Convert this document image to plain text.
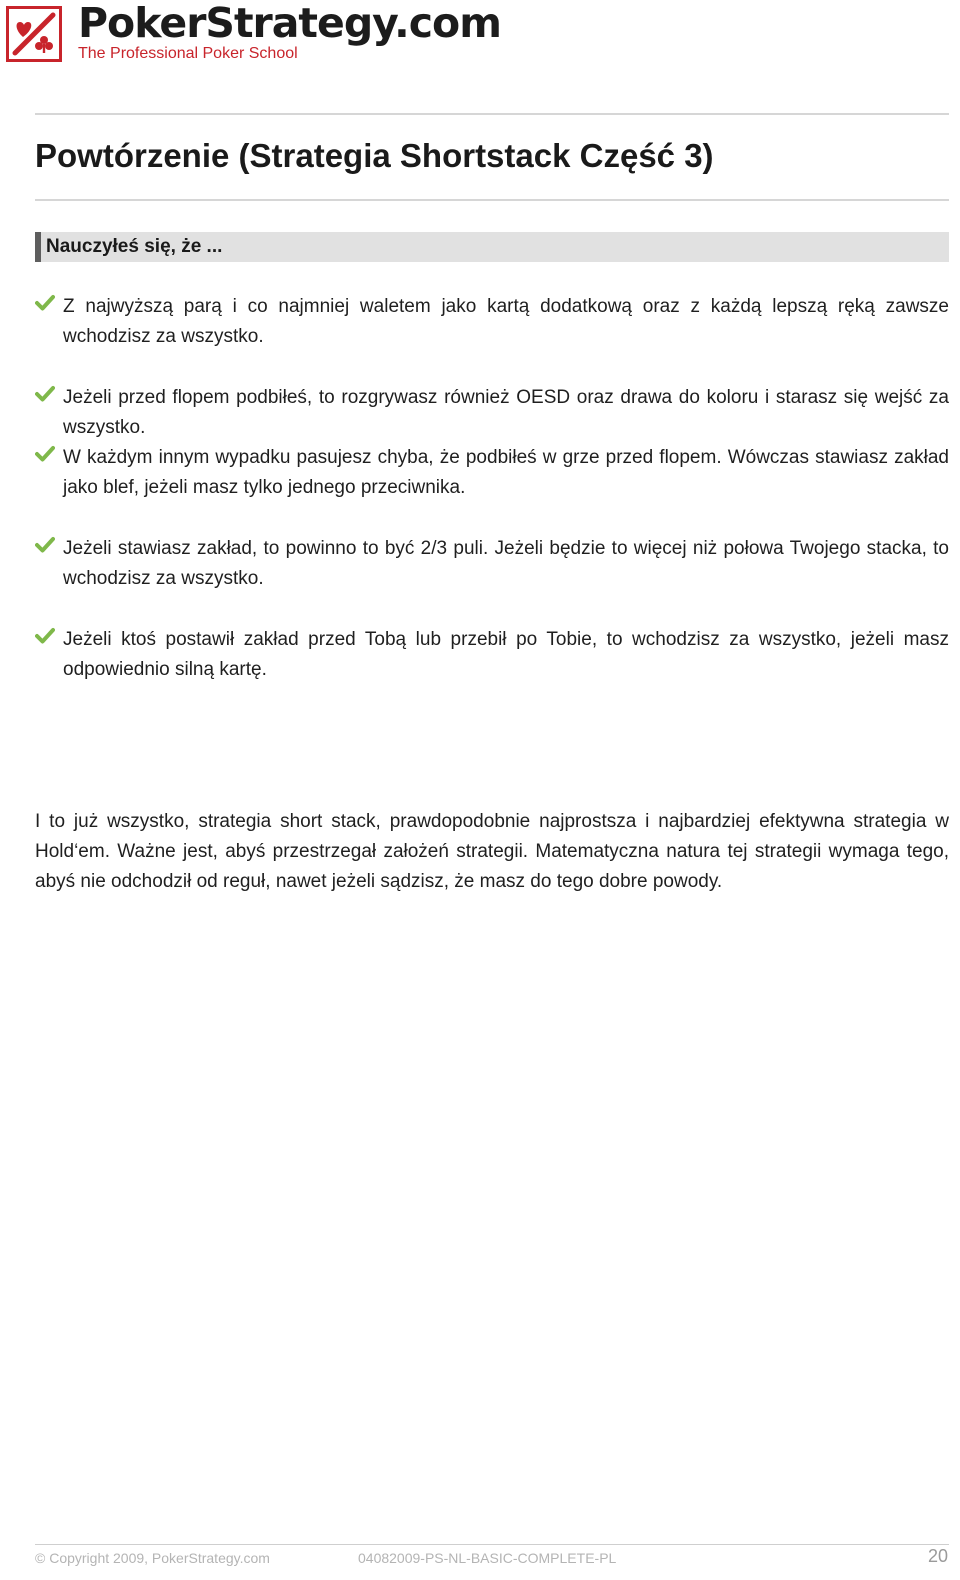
PokerStrategy.com
The Professional Poker School
Powtórzenie (Strategia Shortstack Część 3)
Nauczyłeś się, że ...

Z najwyższą parą i co najmniej waletem jako kartą dodatkową oraz z każdą lepszą ręką zawsze wchodzisz za wszystko.

Jeżeli przed flopem podbiłeś, to rozgrywasz również OESD oraz drawa do koloru i starasz się wejść za wszystko.

W każdym innym wypadku pasujesz chyba, że podbiłeś w grze przed flopem. Wówczas stawiasz zakład jako blef, jeżeli masz tylko jednego przeciwnika.

Jeżeli stawiasz zakład, to powinno to być 2/3 puli. Jeżeli będzie to więcej niż połowa Twojego stacka, to wchodzisz za wszystko.

Jeżeli ktoś postawił zakład przed Tobą lub przebił po Tobie, to wchodzisz za wszystko, jeżeli masz odpowiednio silną kartę.

I to już wszystko, strategia short stack, prawdopodobnie najprostsza i najbardziej efektywna strategia w Hold‘em. Ważne jest, abyś przestrzegał założeń strategii. Matematyczna natura tej strategii wymaga tego, abyś nie odchodził od reguł, nawet jeżeli sądzisz, że masz do tego dobre powody.

© Copyright 2009, PokerStrategy.com	04082009-PS-NL-BASIC-COMPLETE-PL	20
